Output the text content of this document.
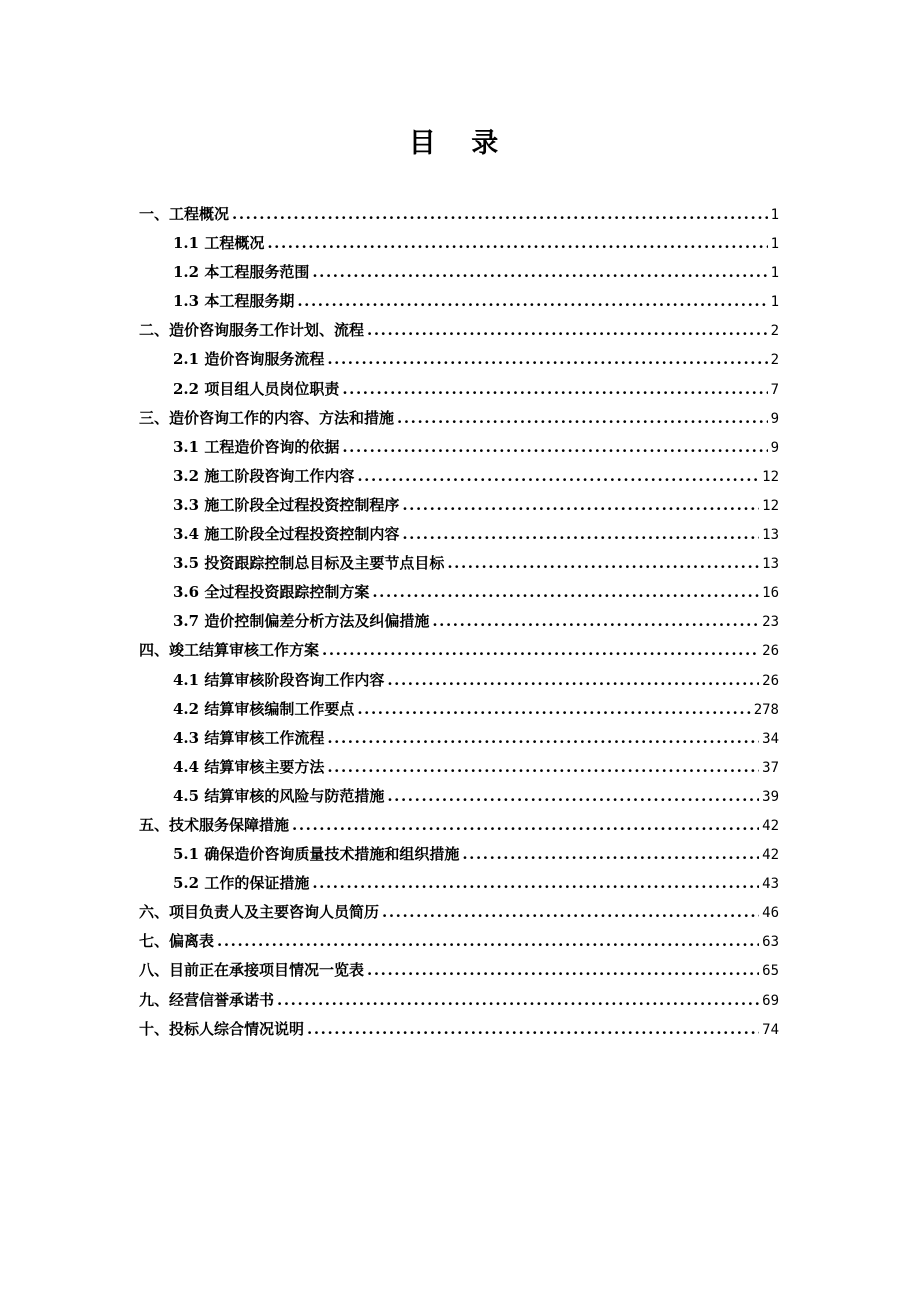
目 录
一、工程概况 .....	1
1.1 工程概况 .....	1
1.2 本工程服务范围 .....	1
1.3 本工程服务期 .....	1
二、造价咨询服务工作计划、流程 .....	2
2.1 造价咨询服务流程 .....	2
2.2 项目组人员岗位职责 .....	7
三、造价咨询工作的内容、方法和措施 .....	9
3.1 工程造价咨询的依据 .....	9
3.2 施工阶段咨询工作内容 .....	12
3.3 施工阶段全过程投资控制程序 .....	12
3.4 施工阶段全过程投资控制内容 .....	13
3.5 投资跟踪控制总目标及主要节点目标 .....	13
3.6 全过程投资跟踪控制方案 .....	16
3.7 造价控制偏差分析方法及纠偏措施 .....	23
四、竣工结算审核工作方案 .....	26
4.1 结算审核阶段咨询工作内容 .....	26
4.2 结算审核编制工作要点 .....	278
4.3 结算审核工作流程 .....	34
4.4 结算审核主要方法 .....	37
4.5 结算审核的风险与防范措施 .....	39
五、技术服务保障措施 .....	42
5.1 确保造价咨询质量技术措施和组织措施 .....	42
5.2 工作的保证措施 .....	43
六、项目负责人及主要咨询人员简历 .....	46
七、偏离表 .....	63
八、目前正在承接项目情况一览表 .....	65
九、经营信誉承诺书 .....	69
十、投标人综合情况说明 .....	74
